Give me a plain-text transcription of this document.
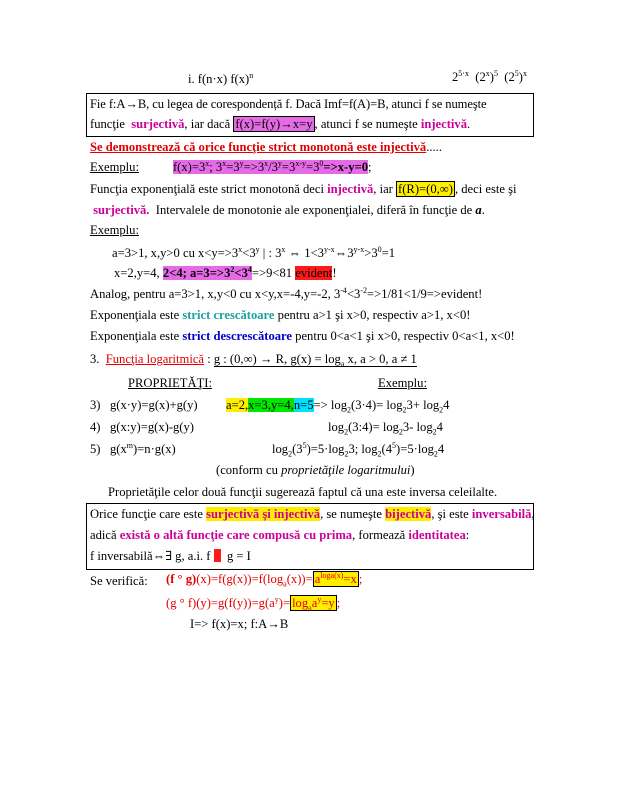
i. f(n·x) $f(x)^n$	$2^{5\cdot x}$ $(2^x)^5$ $(2^5)^x$
Fie f:A→B, cu legea de corespondență f. Dacă Imf=f(A)=B, atunci f se numeşte
funcţie surjectivă, iar dacă f(x)=f(y)→x=y , atunci f se numeşte injectivă.
Se demonstrează că orice funcţie strict monotonă este injectivă.....
Exemplu:	$f(x)=3^x$; $3^x=3^y=>3^x/3^y=3^{x-y}=3^0=>x-y=0$;
Funcţia exponenţială este strict monotonă deci injectivă, iar f(R)=(0,∞) , deci este şi
surjectivă. Intervalele de monotonie ale exponenţialei, diferă în funcţie de a.
Exemplu:
a=3>1, x,y>0 cu $x<y=>3^x<3^y$ | : 3$^x$ ⇔ $1<3^{y-x}\Leftrightarrow 3^{y-x}>3^0=1$
x=2,y=4, 2<4; $a=3=>3^2<3^4=>9<81$ evident!
Analog, pentru a=3>1, x,y<0 cu x<y,x=-4,y=-2, $3^{-4}<3^{-2}=>1/81<1/9=>evident$!
Exponenţiala este strict crescătoare pentru a>1 şi x>0, respectiv a>1, x<0!
Exponenţiala este strict descrescătoare pentru 0<a<1 şi x>0, respectiv 0<a<1, x<0!
3. Funcţia logaritmică : g : (0,∞) → R, $g(x) = \log_a x$, a > 0, a ≠ 1
PROPRIETĂŢI:	Exemplu:
3) g(x·y)=g(x)+g(y) $a=2,x=3,y=4,n=5=> \log_2(3\cdot 4)= \log_23+ \log_24$
4) g(x:y)=g(x)-g(y)	$\log_2(3:4)= \log_23-$ $\log_24$
5) $g(x^m)=n\cdot g(x)$	$\log_2(3^5)=5\cdot\log_23$; $\log_2(4^5)=5\cdot\log_24$
(conform cu proprietăţile logaritmului)
Proprietăţile celor două funcţii sugerează faptul că una este inversa celeilalte.
Orice funcţie care este surjectivă şi injectivă, se numeşte bijectivă, şi este inversabilă,
adică există o altă funcţie care compusă cu prima, formează identitatea:
f inversabilă⇔∃ g, a.i. f   g = I
Se verifică: (f ° $g)(x)=f(g(x))=f(\log_a(x))= a^{loga(x)}=x$ ;
(g ° $f)(y)=g(f(y))=g(a^y)= \log_aa^y=y$ ;
I=> f(x)=x; f:A→B
